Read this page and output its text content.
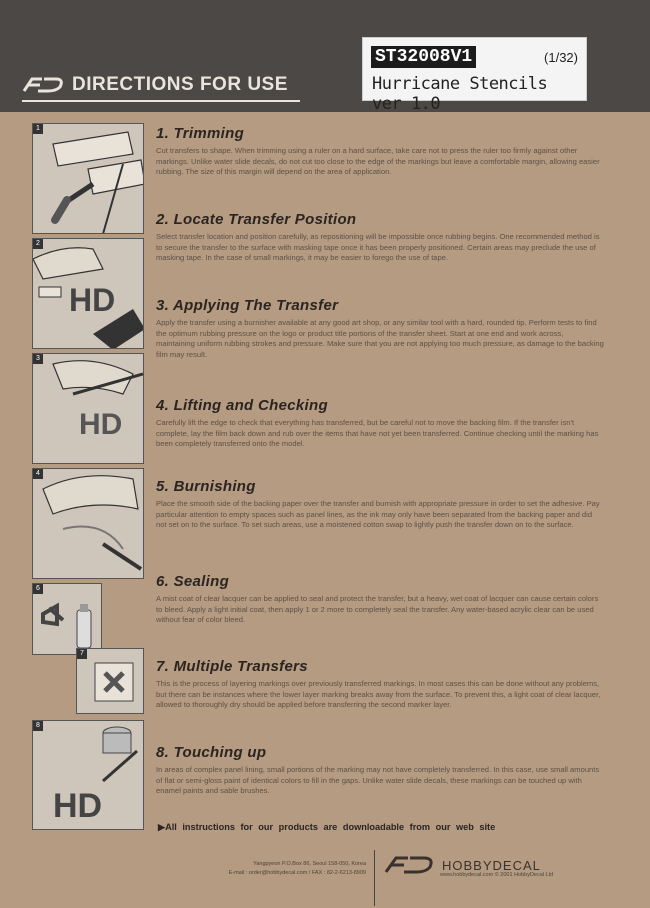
DIRECTIONS FOR USE
ST32008V1	(1/32)
Hurricane Stencils ver 1.0
1
2
HD
3
HD
4
6
7
8
HD
1. Trimming

Cut transfers to shape. When trimming using a ruler on a hard surface, take care not to press the ruler too firmly against other markings. Unlike water slide decals, do not cut too close to the edge of the markings but leave a comfortable margin, allowing easier rubbing. The size of this margin will depend on the area of application.

2. Locate Transfer Position

Select transfer location and position carefully, as repositioning will be impossible once rubbing begins. One recommended method is to secure the transfer to the surface with masking tape once it has been properly positioned. Certain areas may preclude the use of masking tape. In the case of small markings, it may be easier to forego the use of tape.

3. Applying The Transfer

Apply the transfer using a burnisher available at any good art shop, or any similar tool with a hard, rounded tip. Perform tests to find the optimum rubbing pressure on the logo or product title portions of the transfer sheet. Start at one end and work across, maintaining uniform rubbing strokes and pressure. Make sure that you are not applying too much pressure, as damage to the backing film may result.

4. Lifting and Checking

Carefully lift the edge to check that everything has transferred, but be careful not to move the backing film. If the transfer isn't complete, lay the film back down and rub over the items that have not yet been transferred. Continue checking until the marking has been completely transferred onto the model.

5. Burnishing

Place the smooth side of the backing paper over the transfer and burnish with appropriate pressure in order to set the adhesive. Pay particular attention to empty spaces such as panel lines, as the ink may only have been separated from the backing paper and did not set on to the surface. To set such areas, use a moistened cotton swap to lightly push the transfer down on to the surface.

6. Sealing

A mist coat of clear lacquer can be applied to seal and protect the transfer, but a heavy, wet coat of lacquer can cause certain colors to bleed. Apply a light initial coat, then apply 1 or 2 more to completely seal the transfer. Any water-based acrylic clear can be used without fear of color bleed.

7. Multiple Transfers

This is the process of layering markings over previously transferred markings. In most cases this can be done without any problems, but there can be instances where the lower layer marking breaks away from the surface. To prevent this, a light coat of clear lacquer, allowed to thoroughly dry should be applied before transferring the second marker layer.

8. Touching up

In areas of complex panel lining, small portions of the marking may not have completely transferred. In this case, use small amounts of flat or semi-gloss paint of identical colors to fill in the gaps. Unlike water slide decals, these markings can be touched up with enamel paints and sable brushes.

▶All instructions for our products are downloadable from our web site
Yangpyeon P.O.Box 86, Seoul 158-050, Korea
E-mail : order@hobbydecal.com / FAX : 82-2-6213-8909
HOBBYDECAL
www.hobbydecal.com © 2001 HobbyDecal Ltd
